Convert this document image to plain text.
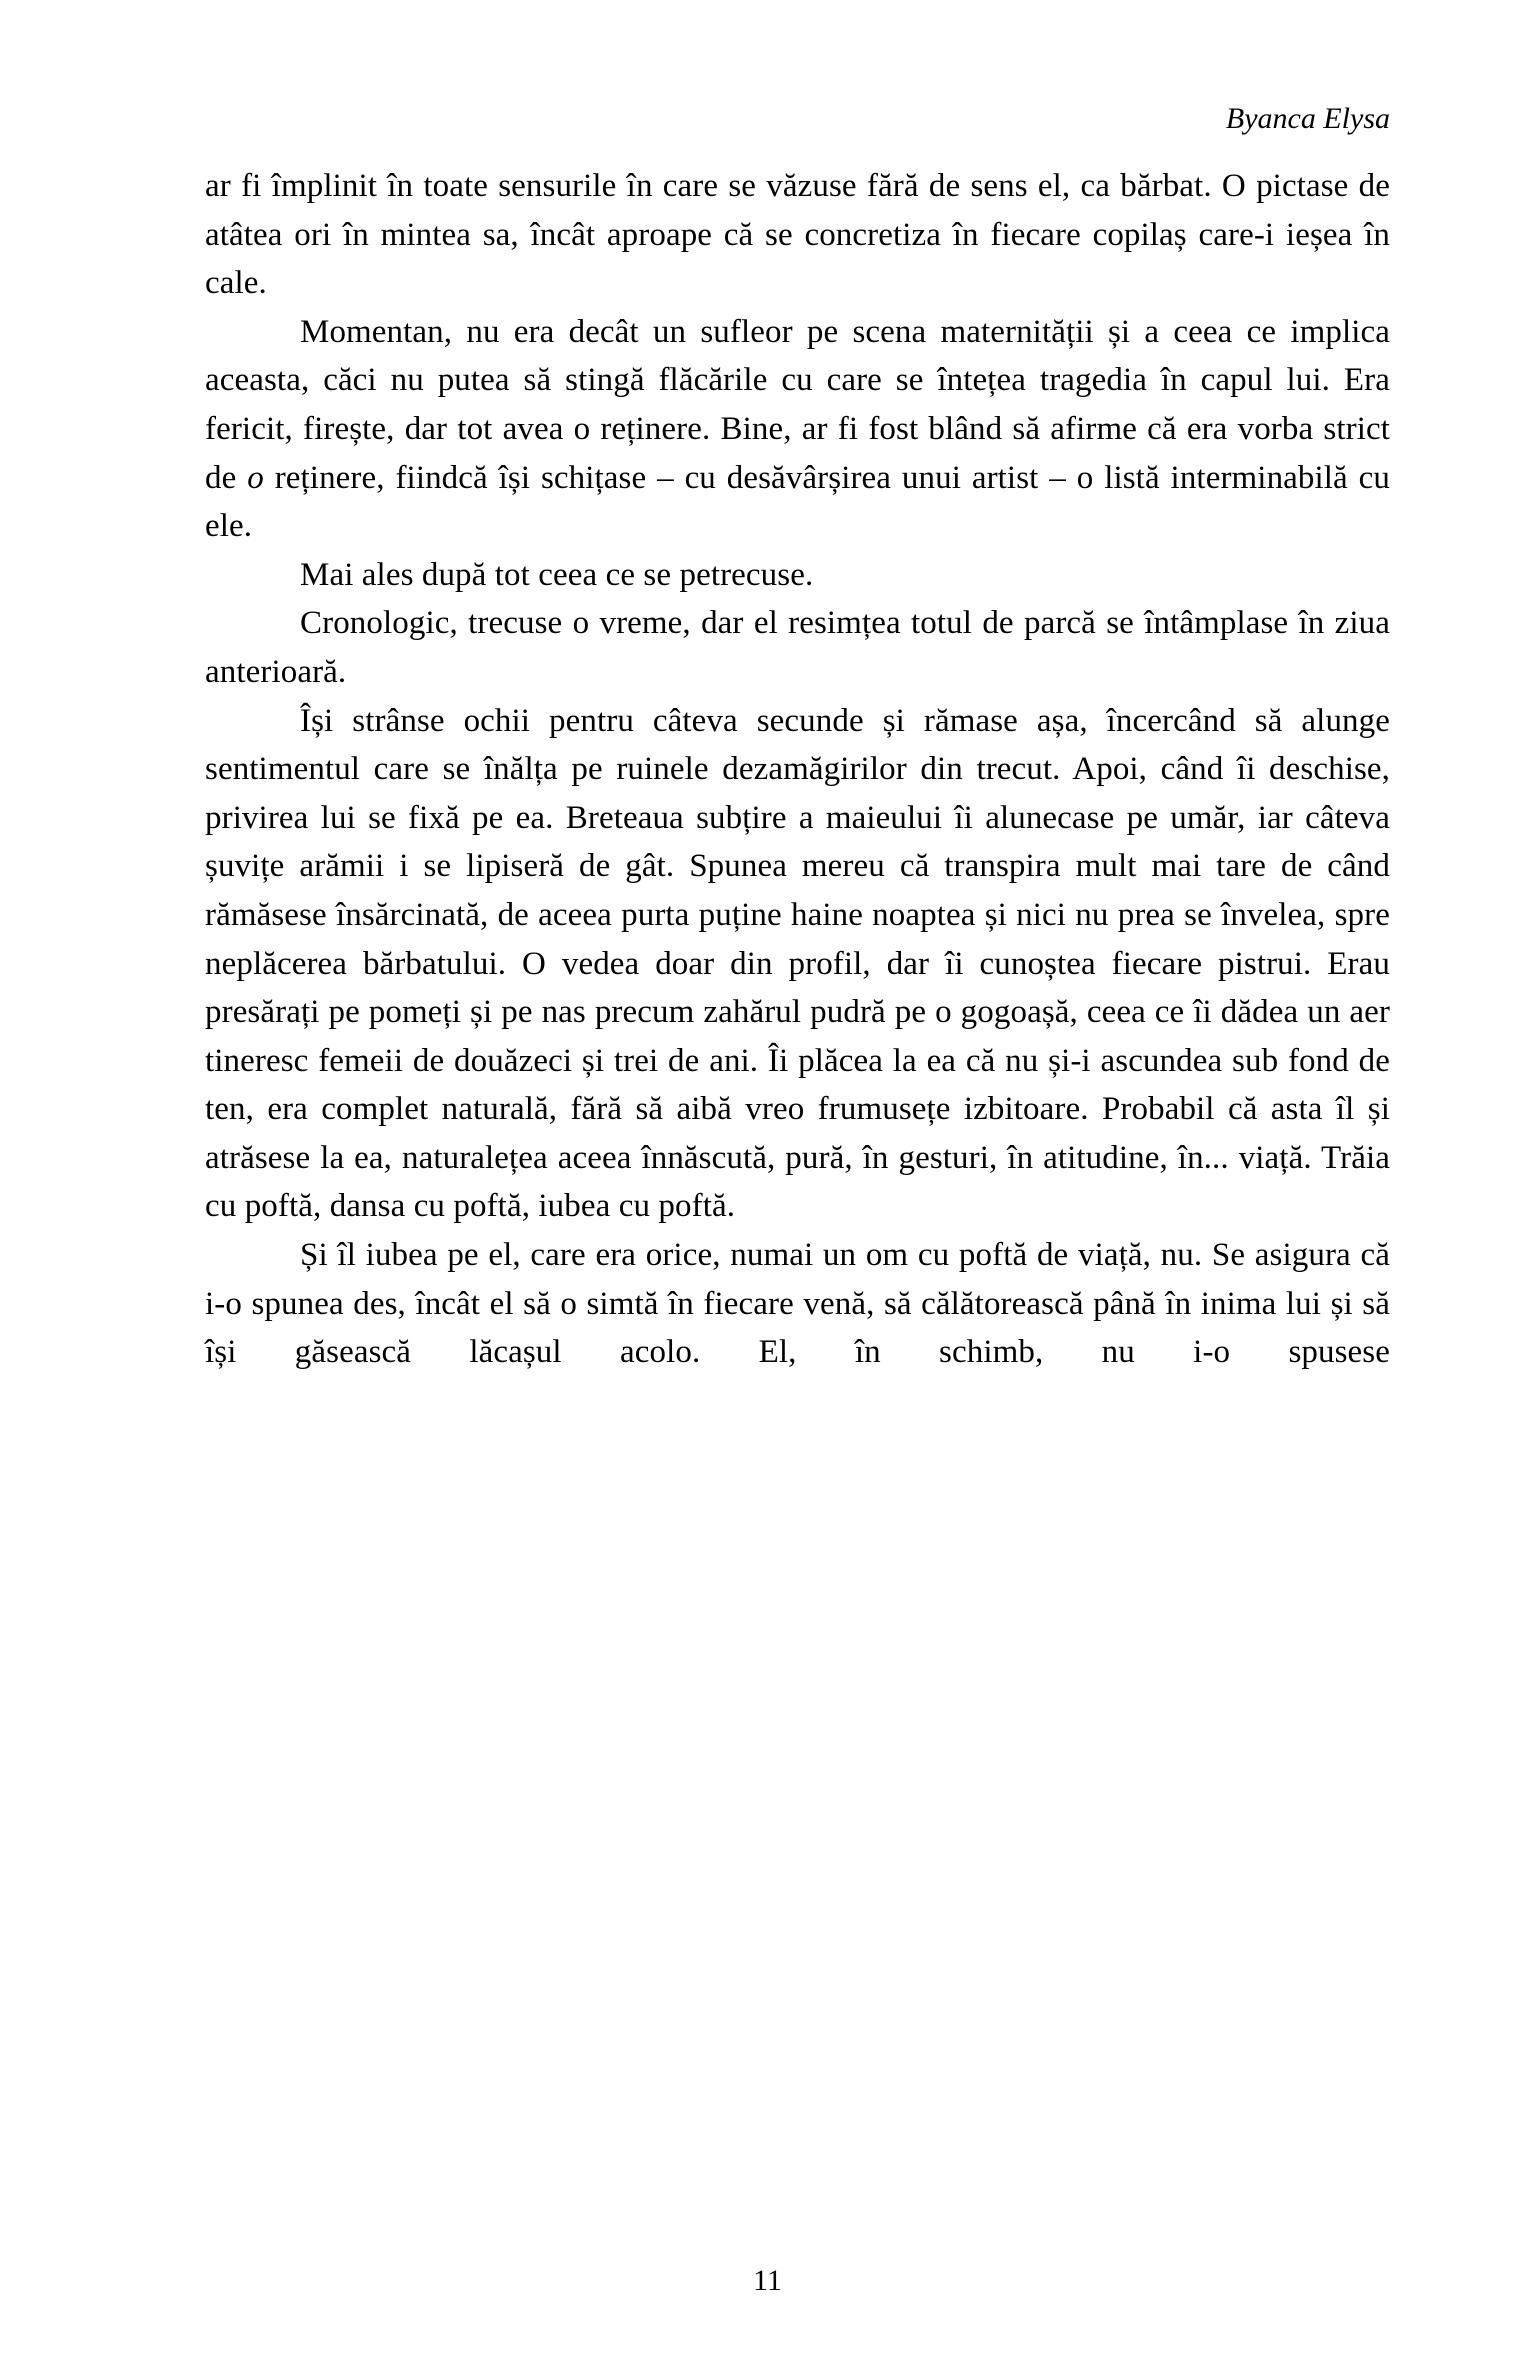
Byanca Elysa

ar fi împlinit în toate sensurile în care se văzuse fără de sens el, ca bărbat. O pictase de atâtea ori în mintea sa, încât aproape că se concretiza în fiecare copilaș care-i ieșea în cale.

Momentan, nu era decât un sufleor pe scena maternității și a ceea ce implica aceasta, căci nu putea să stingă flăcările cu care se întețea tragedia în capul lui. Era fericit, firește, dar tot avea o reținere. Bine, ar fi fost blând să afirme că era vorba strict de o reținere, fiindcă își schițase – cu desăvârșirea unui artist – o listă interminabilă cu ele.

Mai ales după tot ceea ce se petrecuse.

Cronologic, trecuse o vreme, dar el resimțea totul de parcă se întâmplase în ziua anterioară.

Își strânse ochii pentru câteva secunde și rămase așa, încercând să alunge sentimentul care se înălța pe ruinele dezamăgirilor din trecut. Apoi, când îi deschise, privirea lui se fixă pe ea. Breteaua subțire a maieului îi alunecase pe umăr, iar câteva șuvițe arămii i se lipiseră de gât. Spunea mereu că transpira mult mai tare de când rămăsese însărcinată, de aceea purta puține haine noaptea și nici nu prea se învelea, spre neplăcerea bărbatului. O vedea doar din profil, dar îi cunoștea fiecare pistrui. Erau presărați pe pomeți și pe nas precum zahărul pudră pe o gogoașă, ceea ce îi dădea un aer tineresc femeii de douăzeci și trei de ani. Îi plăcea la ea că nu și-i ascundea sub fond de ten, era complet naturală, fără să aibă vreo frumusețe izbitoare. Probabil că asta îl și atrăsese la ea, naturalețea aceea înnăscută, pură, în gesturi, în atitudine, în... viață. Trăia cu poftă, dansa cu poftă, iubea cu poftă.

Și îl iubea pe el, care era orice, numai un om cu poftă de viață, nu. Se asigura că i-o spunea des, încât el să o simtă în fiecare venă, să călătorească până în inima lui și să își găsească lăcașul acolo. El, în schimb, nu i-o spusese

11
